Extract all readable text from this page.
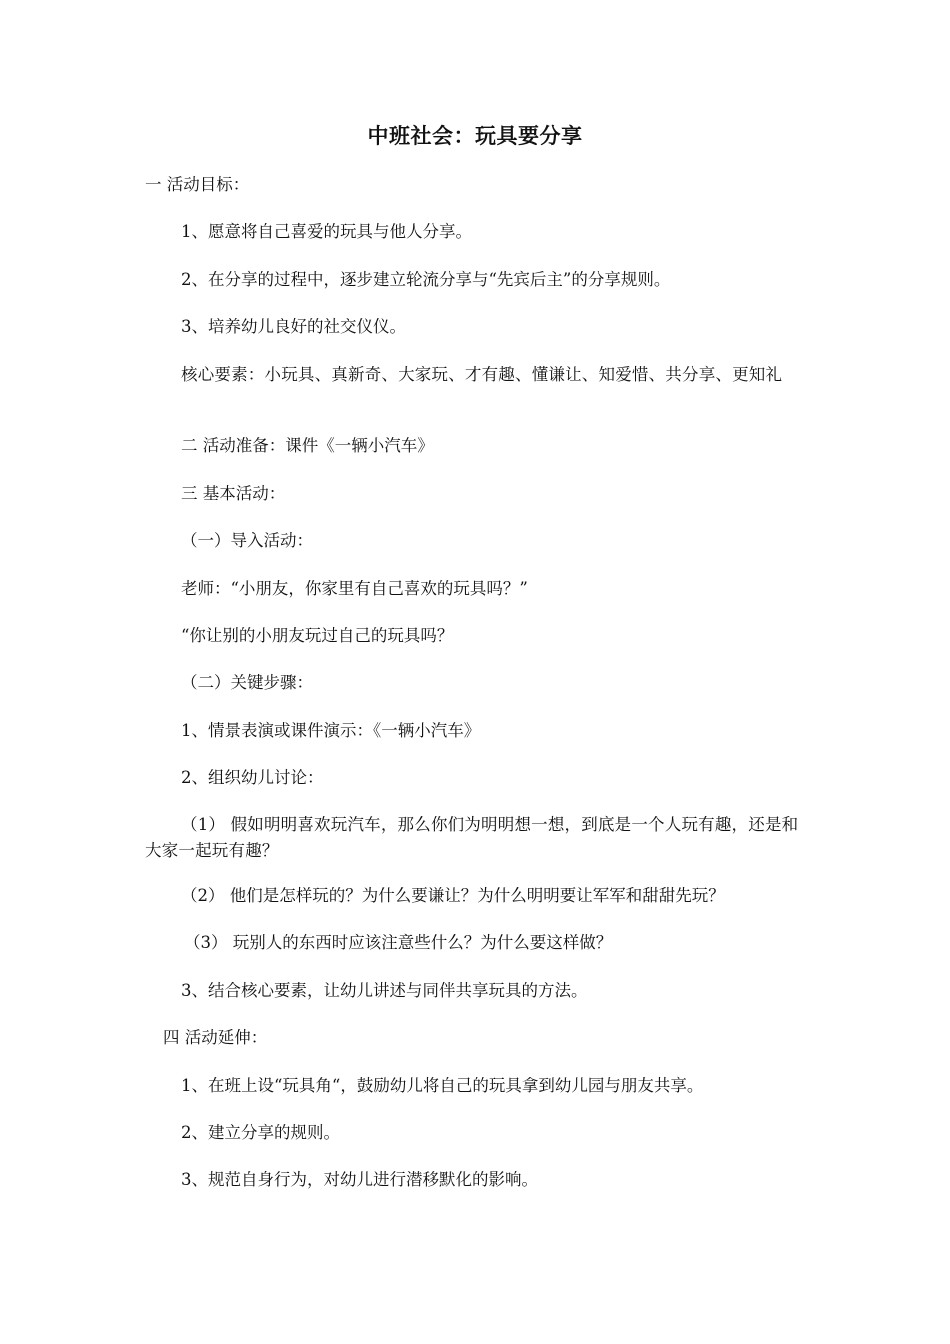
中班社会：玩具要分享

一 活动目标：

1、愿意将自己喜爱的玩具与他人分享。

2、在分享的过程中，逐步建立轮流分享与“先宾后主”的分享规则。

3、培养幼儿良好的社交仪仪。

核心要素：小玩具、真新奇、大家玩、才有趣、懂谦让、知爱惜、共分享、更知礼

二 活动准备：课件《一辆小汽车》

三 基本活动：

（一）导入活动：

老师：“小朋友，你家里有自己喜欢的玩具吗？”

“你让别的小朋友玩过自己的玩具吗？

（二）关键步骤：

1、情景表演或课件演示：《一辆小汽车》

2、组织幼儿讨论：

（1） 假如明明喜欢玩汽车，那么你们为明明想一想，到底是一个人玩有趣，还是和大家一起玩有趣？

（2） 他们是怎样玩的？为什么要谦让？为什么明明要让军军和甜甜先玩？

（3） 玩别人的东西时应该注意些什么？为什么要这样做？

3、结合核心要素，让幼儿讲述与同伴共享玩具的方法。

四 活动延伸：

1、在班上设“玩具角“，鼓励幼儿将自己的玩具拿到幼儿园与朋友共享。

2、建立分享的规则。

3、规范自身行为，对幼儿进行潜移默化的影响。
